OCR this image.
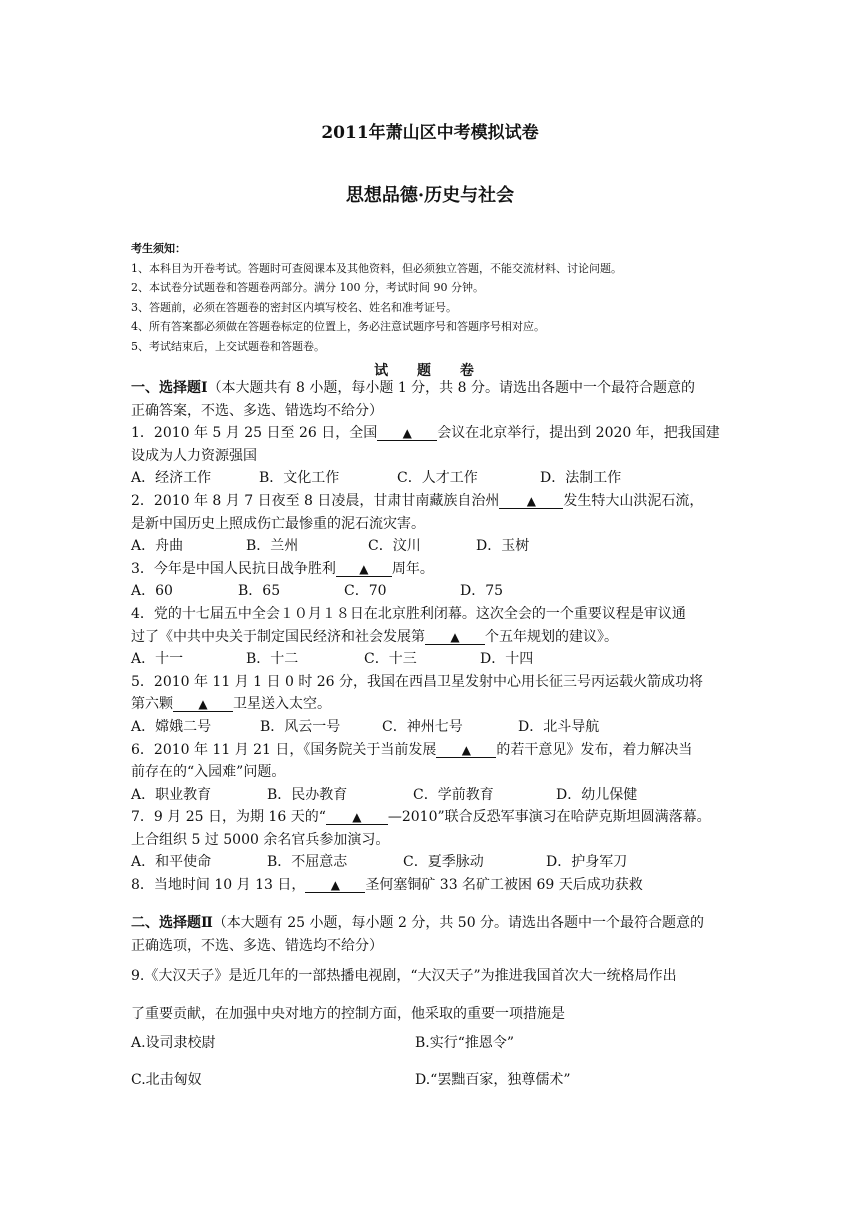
2011年萧山区中考模拟试卷
思想品德·历史与社会
考生须知：
1、本科目为开卷考试。答题时可查阅课本及其他资料，但必须独立答题，不能交流材料、讨论问题。
2、本试卷分试题卷和答题卷两部分。满分 100 分，考试时间 90 分钟。
3、答题前，必须在答题卷的密封区内填写校名、姓名和准考证号。
4、所有答案都必须做在答题卷标定的位置上，务必注意试题序号和答题序号相对应。
5、考试结束后，上交试题卷和答题卷。
试 题 卷
一、选择题Ⅰ（本大题共有 8 小题，每小题 1 分，共 8 分。请选出各题中一个最符合题意的
正确答案，不选、多选、错选均不给分）
1．2010 年 5 月 25 日至 26 日，全国 ▲ 会议在北京举行，提出到 2020 年，把我国建
设成为人力资源强国
A．经济工作	B．文化工作	C．人才工作	D．法制工作
2．2010 年 8 月 7 日夜至 8 日凌晨，甘肃甘南藏族自治州 ▲ 发生特大山洪泥石流，
是新中国历史上照成伤亡最惨重的泥石流灾害。
A．舟曲	B．兰州	C．汶川	D．玉树
3．今年是中国人民抗日战争胜利 ▲ 周年。
A．60	B．65	C．70	D．75
4．党的十七届五中全会１０月１８日在北京胜利闭幕。这次全会的一个重要议程是审议通
过了《中共中央关于制定国民经济和社会发展第 ▲ 个五年规划的建议》。
A．十一	B．十二	C．十三	D．十四
5．2010 年 11 月 1 日 0 时 26 分，我国在西昌卫星发射中心用长征三号丙运载火箭成功将
第六颗 ▲ 卫星送入太空。
A．嫦娥二号	B．风云一号	C．神州七号	D．北斗导航
6．2010 年 11 月 21 日，《国务院关于当前发展 ▲ 的若干意见》发布，着力解决当
前存在的“入园难”问题。
A．职业教育	B．民办教育	C．学前教育	D．幼儿保健
7．9 月 25 日，为期 16 天的“ ▲ —2010”联合反恐军事演习在哈萨克斯坦圆满落幕。
上合组织 5 过 5000 余名官兵参加演习。
A．和平使命	B．不屈意志	C．夏季脉动	D．护身军刀
8．当地时间 10 月 13 日， ▲ 圣何塞铜矿 33 名矿工被困 69 天后成功获救
二、选择题Ⅱ（本大题有 25 小题，每小题 2 分，共 50 分。请选出各题中一个最符合题意的
正确选项，不选、多选、错选均不给分）
9.《大汉天子》是近几年的一部热播电视剧，“大汉天子”为推进我国首次大一统格局作出
了重要贡献，在加强中央对地方的控制方面，他采取的重要一项措施是
A.设司隶校尉	B.实行“推恩令”
C.北击匈奴	D.“罢黜百家，独尊儒术”
